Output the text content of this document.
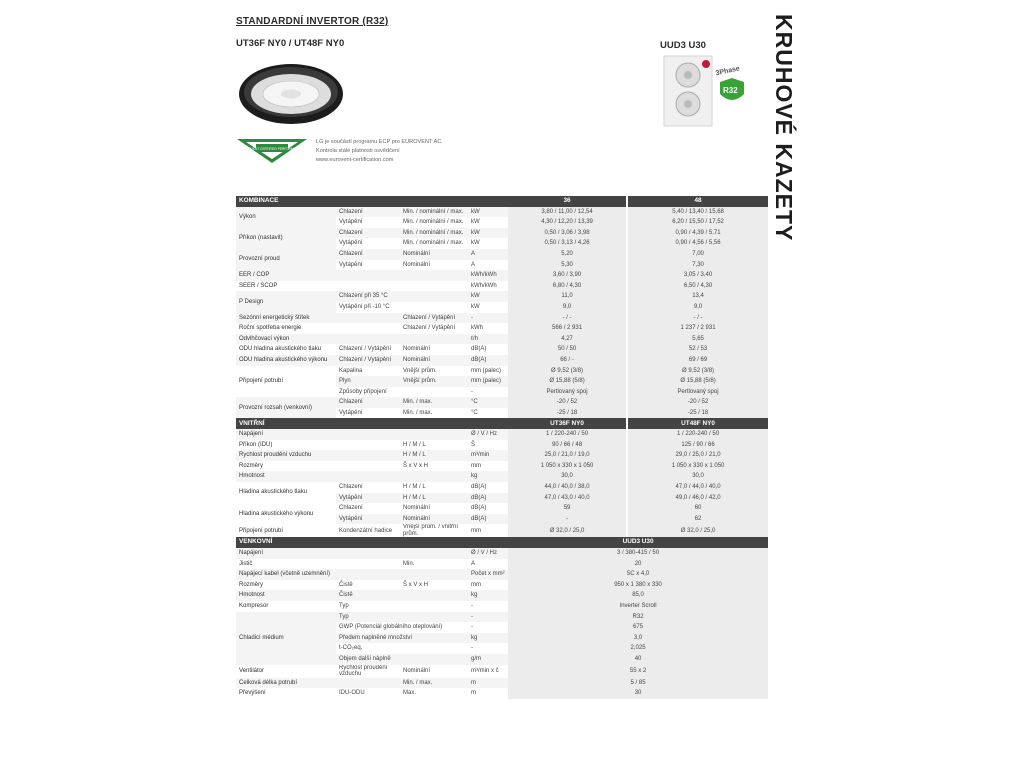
STANDARDNÍ INVERTOR (R32)
UT36F NY0 / UT48F NY0	UUD3 U30	KRUHOVÉ KAZETY
3Phase
R32
EUROVENT CERTIFIED PERFORMANCE
LG je součástí programu ECP pro EUROVENT AC.
Kontrola stálé platnosti osvědčení
www.eurovent-certification.com
KOMBINACE				36		48
Výkon	Chlazení	Min. / nominální / max.	kW	3,80 / 11,00 / 12,54		5,40 / 13,40 / 15,68
	Vytápění	Min. / nominální / max.	kW	4,30 / 12,20 / 13,39		6,20 / 15,50 / 17,52
Příkon (nastavit)	Chlazení	Min. / nominální / max.	kW	0,50 / 3,06 / 3,98		0,90 / 4,39 / 5,71
	Vytápění	Min. / nominální / max.	kW	0,50 / 3,13 / 4,26		0,90 / 4,56 / 5,56
Provozní proud	Chlazení	Nominální	A	5,20		7,00
	Vytápění	Nominální	A	5,30		7,30
EER / COP			kWh/kWh	3,60 / 3,90		3,05 / 3,40
SEER / SCOP			kWh/kWh	6,80 / 4,30		6,50 / 4,30
P Design	Chlazení při 35 °C		kW	11,0		13,4
	Vytápění při -10 °C		kW	9,0		9,0
Sezónní energetický štítek		Chlazení / Vytápění	-	- / -		- / -
Roční spotřeba energie		Chlazení / Vytápění	kWh	566 / 2 931		1 237 / 2 931
Odvlhčovací výkon			ℓ/h	4,27		5,65
ODU hladina akustického tlaku	Chlazení / Vytápění	Nominální	dB(A)	50 / 50		52 / 53
ODU hladina akustického výkonu	Chlazení / Vytápění	Nominální	dB(A)	66 / -		69 / 69
Připojení potrubí	Kapalina	Vnější prům.	mm (palec)	Ø 9,52 (3/8)		Ø 9,52 (3/8)
	Plyn	Vnější prům.	mm (palec)	Ø 15,88 (5/8)		Ø 15,88 (5/8)
	Způsoby připojení		-	Pertlovaný spoj		Pertlovaný spoj
Provozní rozsah (venkovní)	Chlazení	Min. / max.	°C	-20 / 52		-20 / 52
	Vytápění	Min. / max.	°C	-25 / 18		-25 / 18
VNITŘNÍ				UT36F NY0		UT48F NY0
Napájení			Ø / V / Hz	1 / 220-240 / 50		1 / 220-240 / 50
Příkon (IDU)		H / M / L	Š	90 / 66 / 48		125 / 90 / 66
Rychlost proudění vzduchu		H / M / L	m³/min	25,0 / 21,0 / 19,0		29,0 / 25,0 / 21,0
Rozměry		Š x V x H	mm	1 050 x 330 x 1 050		1 050 x 330 x 1 050
Hmotnost			kg	30,0		30,0
Hladina akustického tlaku	Chlazení	H / M / L	dB(A)	44,0 / 40,0 / 38,0		47,0 / 44,0 / 40,0
	Vytápění	H / M / L	dB(A)	47,0 / 43,0 / 40,0		49,0 / 46,0 / 42,0
Hladina akustického výkonu	Chlazení	Nominální	dB(A)	59		60
	Vytápění	Nominální	dB(A)	-		62
Připojení potrubí	Kondenzátní hadice	Vnější prům. / vnitřní prům.	mm	Ø 32,0 / 25,0		Ø 32,0 / 25,0
VENKOVNÍ				UUD3 U30		
Napájení			Ø / V / Hz	3 / 380-415 / 50		
Jistič		Min.	A	20		
Napájecí kabel (včetně uzemnění)			Počet x mm²	5C x 4,0		
Rozměry	Čistě	Š x V x H	mm	950 x 1 380 x 330		
Hmotnost	Čistě		kg	85,0		
Kompresor	Typ		-	Inverter Scroll		
Chladicí médium	Typ		-	R32		
	GWP (Potenciál globálního oteplování)		-	675		
	Předem naplněné množství		kg	3,0		
	t-CO₂eq.		-	2,025		
	Objem další náplně		g/m	40		
Ventilátor	Rychlost proudění vzduchu	Nominální	m³/min x č	55 x 2		
Celková délka potrubí		Min. / max.	m	5 / 85		
Převýšení	IDU-ODU	Max.	m	30		
